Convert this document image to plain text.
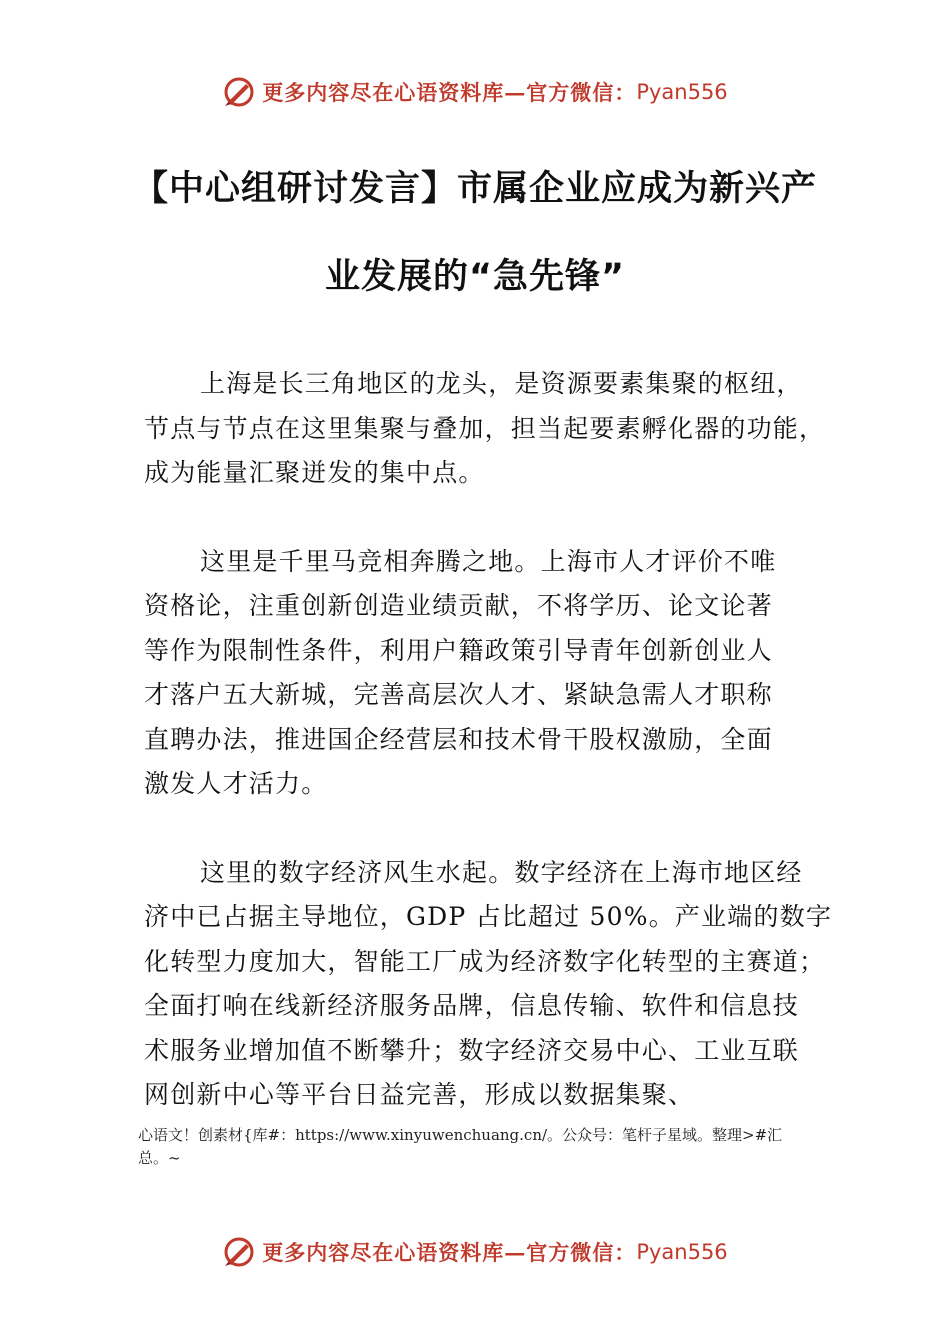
更多内容尽在心语资料库—官方微信： Pyan556
【中心组研讨发言】市属企业应成为新兴产
业发展的“急先锋”

上海是长三角地区的龙头，是资源要素集聚的枢纽，
节点与节点在这里集聚与叠加，担当起要素孵化器的功能，
成为能量汇聚迸发的集中点。

这里是千里马竞相奔腾之地。上海市人才评价不唯
资格论，注重创新创造业绩贡献，不将学历、论文论著
等作为限制性条件，利用户籍政策引导青年创新创业人
才落户五大新城，完善高层次人才、紧缺急需人才职称
直聘办法，推进国企经营层和技术骨干股权激励，全面
激发人才活力。

这里的数字经济风生水起。数字经济在上海市地区经
济中已占据主导地位，GDP 占比超过 50%。产业端的数字
化转型力度加大，智能工厂成为经济数字化转型的主赛道；
全面打响在线新经济服务品牌，信息传输、软件和信息技
术服务业增加值不断攀升；数字经济交易中心、工业互联
网创新中心等平台日益完善，形成以数据集聚、

心语文！创素材{库#：https://www.xinyuwenchuang.cn/。公众号：笔杆子星域。整理>#汇
总。~
更多内容尽在心语资料库—官方微信： Pyan556
